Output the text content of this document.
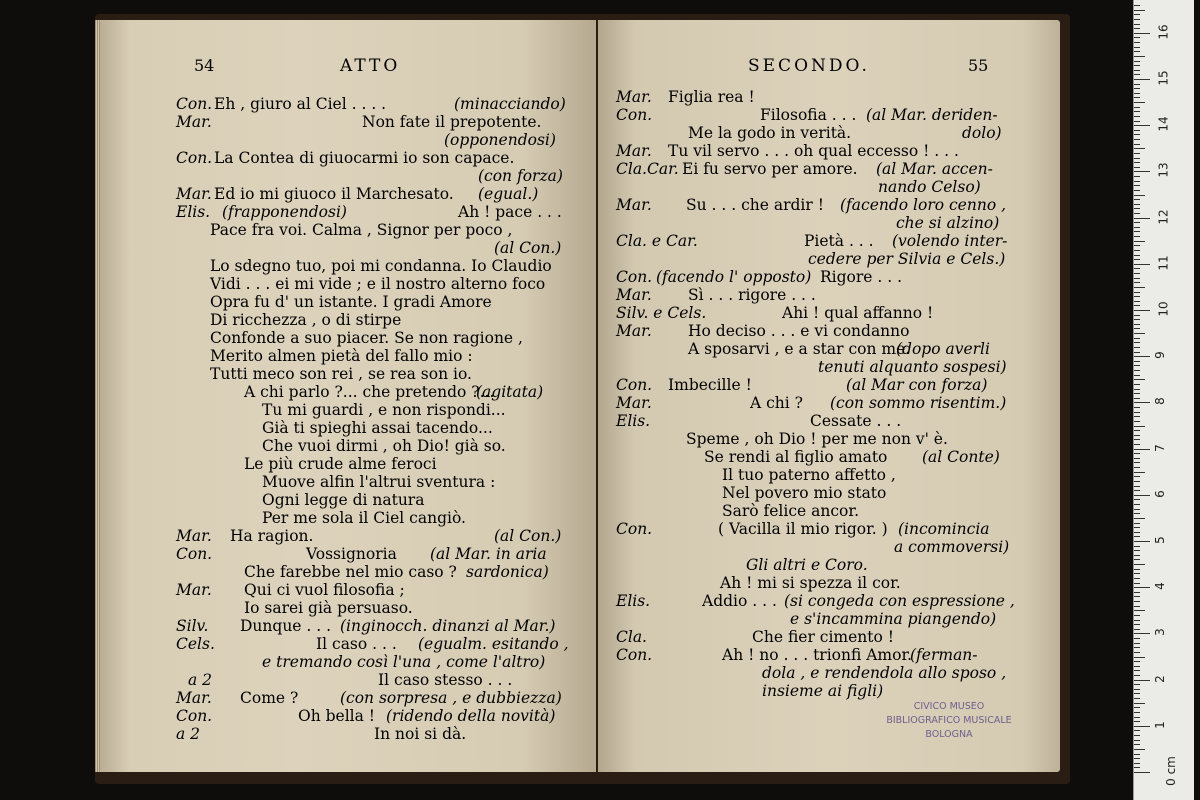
54	ATTO	SECONDO.	55
Con. Eh , giuro al Ciel . . . .	(minacciando)
Mar.	Non fate il prepotente.
(opponendosi)
Con. La Contea di giuocarmi io son capace.
(con forza)
Mar. Ed io mi giuoco il Marchesato. (egual.)
Elis. (frapponendosi)	Ah ! pace . . .
Pace fra voi. Calma , Signor per poco ,
(al Con.)
Lo sdegno tuo, poi mi condanna. Io Claudio
Vidi . . . ei mi vide ; e il nostro alterno foco
Opra fu d' un istante. I gradi Amore
Di ricchezza , o di stirpe
Confonde a suo piacer. Se non ragione ,
Merito almen pietà del fallo mio :
Tutti meco son rei , se rea son io.
A chi parlo ?... che pretendo ?...
(agitata)
Tu mi guardi , e non rispondi...
Già ti spieghi assai tacendo...
Che vuoi dirmi , oh Dio! già so.
Le più crude alme feroci
Muove alfin l'altrui sventura :
Ogni legge di natura
Per me sola il Ciel cangiò.
Mar. Ha ragion.	(al Con.)
Con.	Vossignoria (al Mar. in aria
Che farebbe nel mio caso ? sardonica)
Mar. Qui ci vuol filosofia ;
Io sarei già persuaso.
Silv. Dunque . . . (inginocch. dinanzi al Mar.)
Cels.	Il caso . . . (egualm. esitando ,
e tremando così l'una , come l'altro)
a 2	Il caso stesso . . .
Mar. Come ?	(con sorpresa , e dubbiezza)
Con.	Oh bella ! (ridendo della novità)
a 2	In noi si dà.
Mar. Figlia rea !
Con.	Filosofia . . . (al Mar. deriden-
Me la godo in verità.	dolo)
Mar. Tu vil servo . . . oh qual eccesso ! . . .
Cla.Car. Ei fu servo per amore. (al Mar. accen-
nando Celso)
Mar. Su . . . che ardir ! (facendo loro cenno ,
che si alzino)
Cla. e Car.	Pietà . . . (volendo inter-
cedere per Silvia e Cels.)
Con. (facendo l' opposto) Rigore . . .
Mar. Sì . . . rigore . . .
Silv. e Cels.	Ahi ! qual affanno !
Mar. Ho deciso . . . e vi condanno
A sposarvi , e a star con me.
(dopo averli
tenuti alquanto sospesi)
Con. Imbecille !	(al Mar con forza)
Mar.	A chi ? (con sommo risentim.)
Elis.	Cessate . . .
Speme , oh Dio ! per me non v' è.
Se rendi al figlio amato (al Conte)
Il tuo paterno affetto ,
Nel povero mio stato
Sarò felice ancor.
Con.	( Vacilla il mio rigor. ) (incomincia
a commoversi)
Gli altri e Coro.
Ah ! mi si spezza il cor.
Elis.	Addio . . . (si congeda con espressione ,
e s'incammina piangendo)
Cla.	Che fier cimento !
Con.	Ah ! no . . . trionfi Amor.
(ferman-
dola , e rendendola allo sposo ,
insieme ai figli)
CIVICO MUSEO
BIBLIOGRAFICO MUSICALE
BOLOGNA
0 cm
1
2
3
4
5
6
7
8
9
10
11
12
13
14
15
16
